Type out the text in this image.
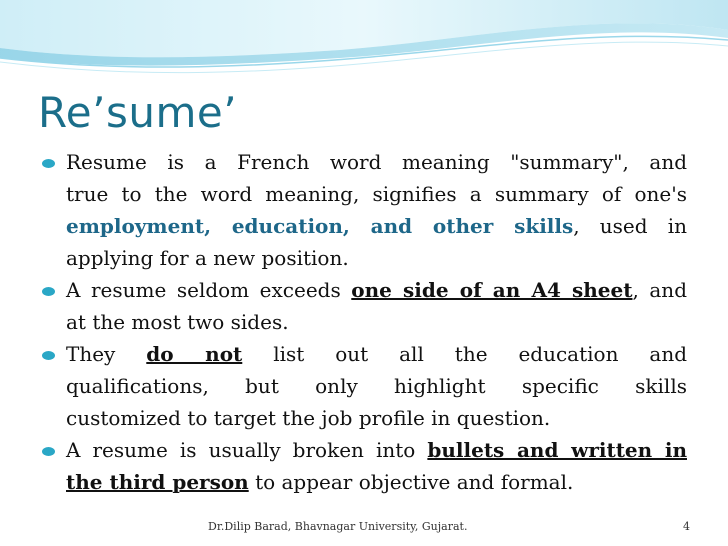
Re’sume’
Resume is a French word meaning "summary", and
true to the word meaning, signifies a summary of one's
employment, education, and other skills, used in
applying for a new position.
A resume seldom exceeds one side of an A4 sheet, and
at the most two sides.
They do not list out all the education and
qualifications, but only highlight specific skills
customized to target the job profile in question.
A resume is usually broken into bullets and written in
the third person to appear objective and formal.
Dr.Dilip Barad, Bhavnagar University, Gujarat.	4
